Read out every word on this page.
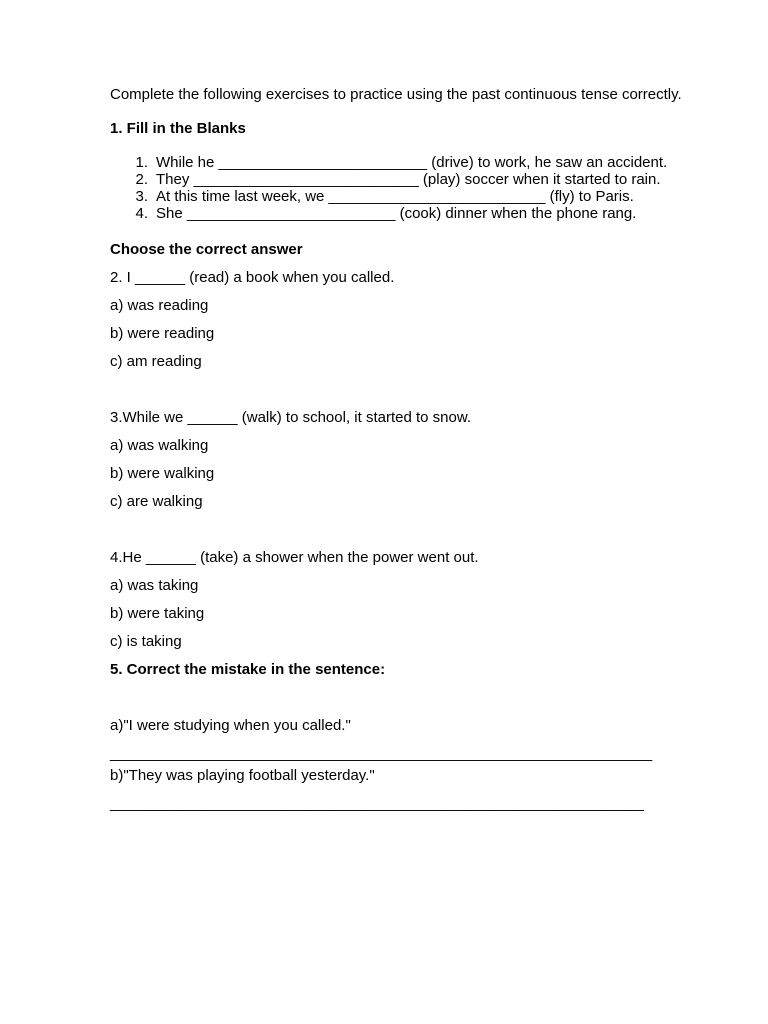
Complete the following exercises to practice using the past continuous tense correctly.

1. Fill in the Blanks

1. While he _________________________ (drive) to work, he saw an accident.
2. They ___________________________ (play) soccer when it started to rain.
3. At this time last week, we __________________________ (fly) to Paris.
4. She _________________________ (cook) dinner when the phone rang.

Choose the correct answer

2. I ______ (read) a book when you called.

a) was reading

b) were reading

c) am reading

3.While we ______ (walk) to school, it started to snow.

a) was walking

b) were walking

c) are walking

4.He ______ (take) a shower when the power went out.

a) was taking

b) were taking

c) is taking

5. Correct the mistake in the sentence:

a)"I were studying when you called."

_________________________________________________________________

b)"They was playing football yesterday."

________________________________________________________________
